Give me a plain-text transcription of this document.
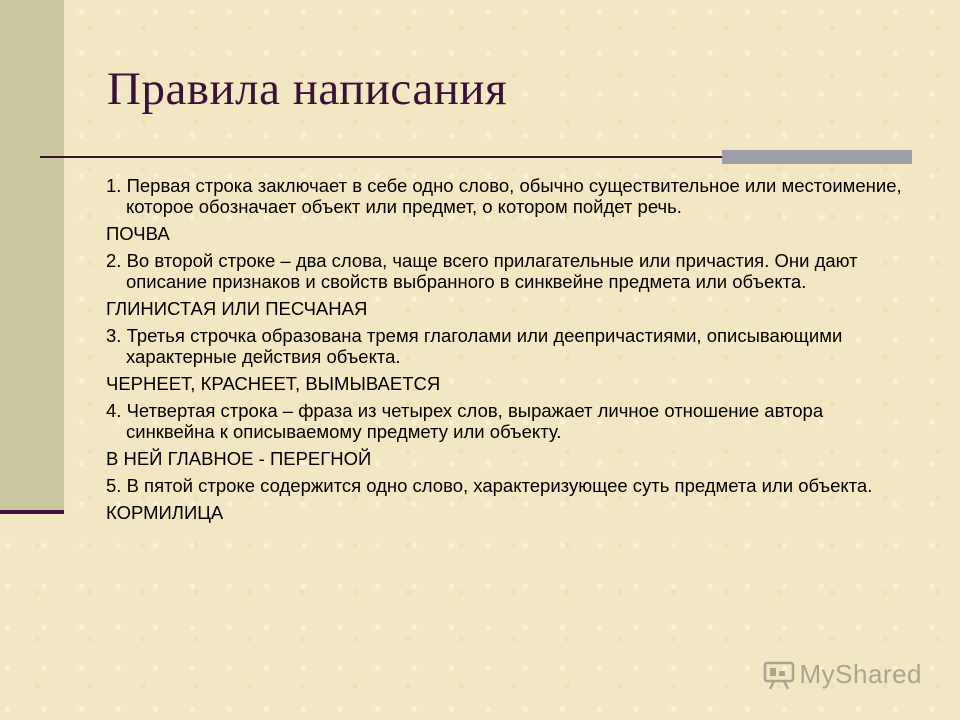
Правила написания

1. Первая строка заключает в себе одно слово, обычно существительное или местоимение, которое обозначает объект или предмет, о котором пойдет речь.

ПОЧВА

2. Во второй строке – два слова, чаще всего прилагательные или причастия. Они дают описание признаков и свойств выбранного в синквейне предмета или объекта.

ГЛИНИСТАЯ ИЛИ ПЕСЧАНАЯ

3. Третья строчка образована тремя глаголами или деепричастиями, описывающими характерные действия объекта.

ЧЕРНЕЕТ, КРАСНЕЕТ, ВЫМЫВАЕТСЯ

4. Четвертая строка – фраза из четырех слов, выражает личное отношение автора синквейна к описываемому предмету или объекту.

В НЕЙ ГЛАВНОЕ - ПЕРЕГНОЙ

5. В пятой строке содержится одно слово, характеризующее суть предмета или объекта.

КОРМИЛИЦА

MyShared
